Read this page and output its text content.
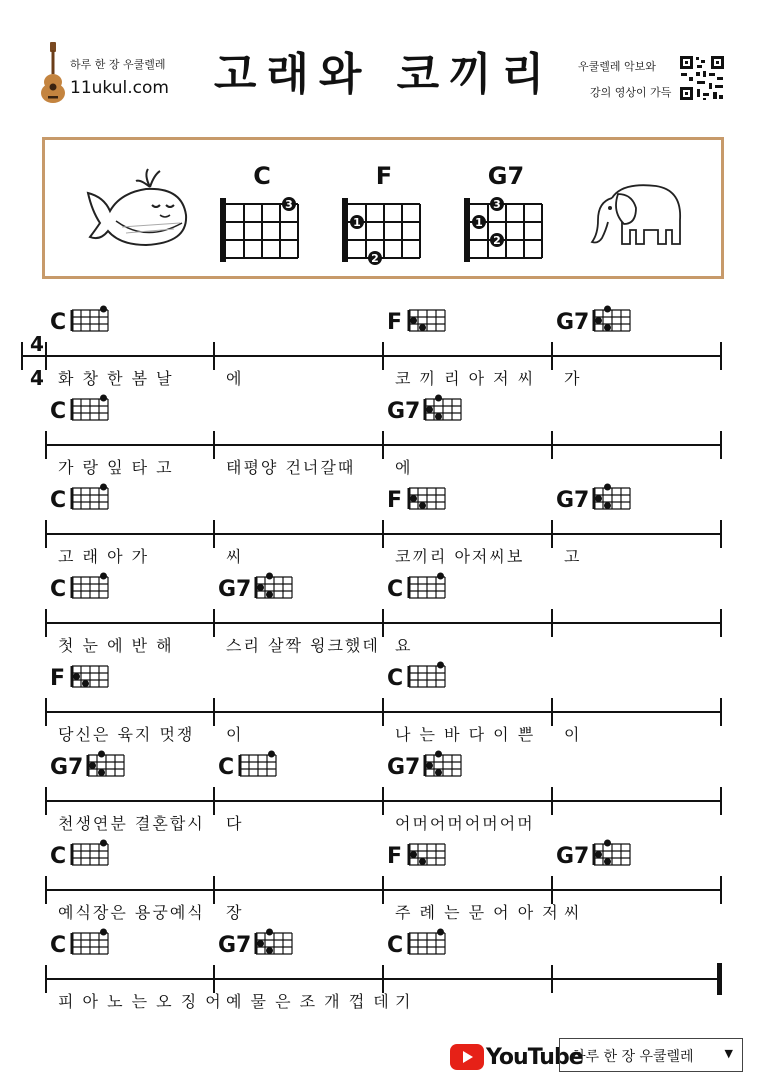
하루 한 장 우쿨렐레
11ukul.com	고래와 코끼리	우쿨렐레 악보와
강의 영상이 가득
C	F	G7
3
1
2
1
3
2
C
화 창 한 봄 날	에
F
코 끼 리 아 저 씨
G7
가
C
가 랑 잎 타 고	태평양 건너갈때
G7
에
C
고 래 아 가	씨
F
코끼리 아저씨보
G7
고
C
첫 눈 에 반 해
G7
스리 살짝 윙크했데
C
요
F
당신은 육지 멋쟁 이
C
나 는 바 다 이 쁜 이
G7
천생연분 결혼합시
C
다
G7
어머어머어머어머
C
예식장은 용궁예식 장
F
주 례 는 문 어 아 저
G7
씨
C
피 아 노 는 오 징 어
G7
예 물 은 조 개 껍 데
C
기
4
4
YouTube
하루 한 장 우쿨렐레	▼
